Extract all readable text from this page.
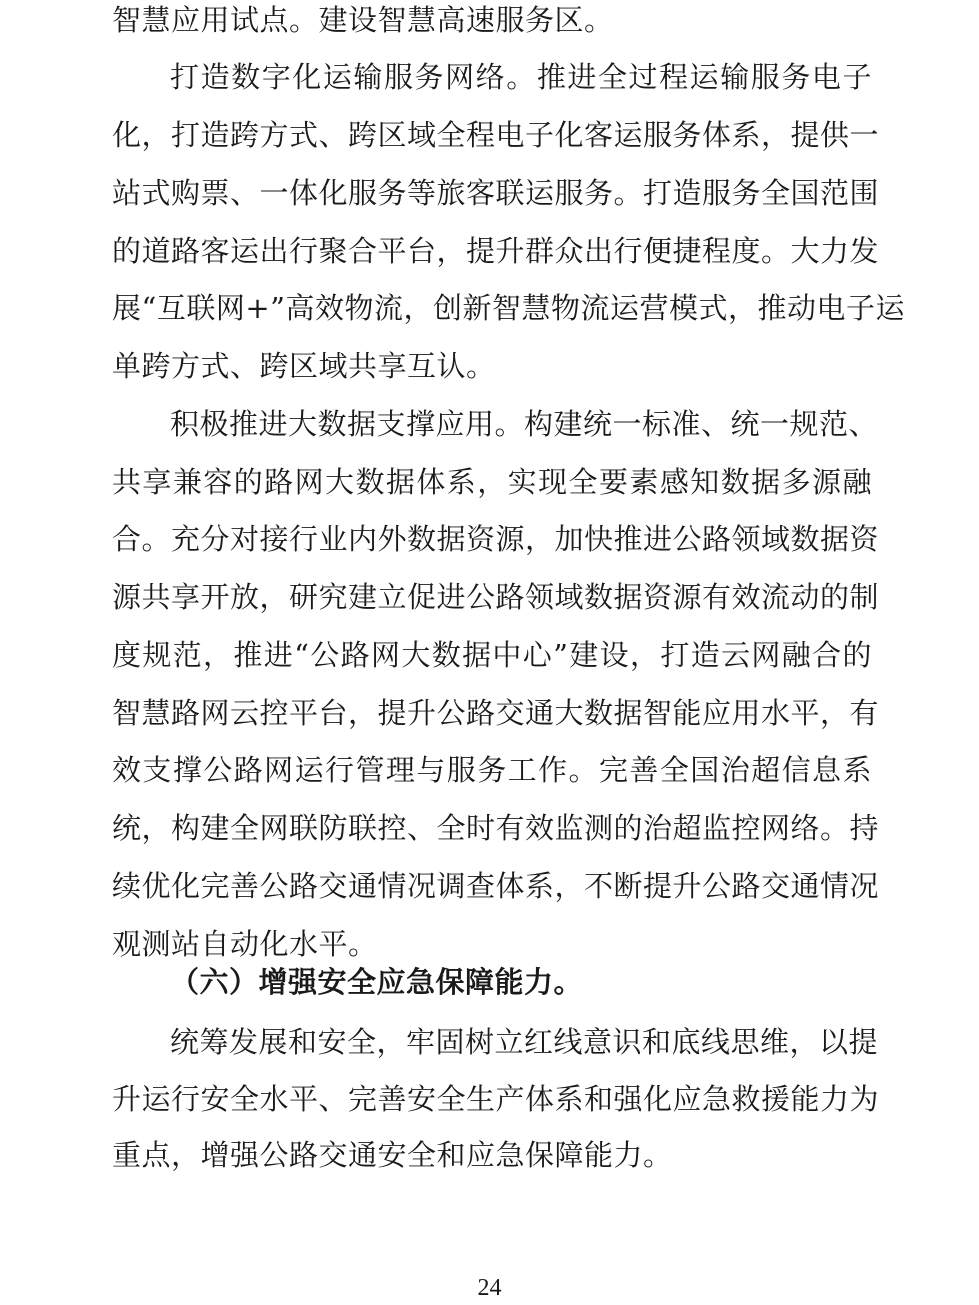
智慧应用试点。建设智慧高速服务区。
打造数字化运输服务网络。推进全过程运输服务电子
化，打造跨方式、跨区域全程电子化客运服务体系，提供一
站式购票、一体化服务等旅客联运服务。打造服务全国范围
的道路客运出行聚合平台，提升群众出行便捷程度。大力发
展“互联网+”高效物流，创新智慧物流运营模式，推动电子运
单跨方式、跨区域共享互认。
积极推进大数据支撑应用。构建统一标准、统一规范、
共享兼容的路网大数据体系，实现全要素感知数据多源融
合。充分对接行业内外数据资源，加快推进公路领域数据资
源共享开放，研究建立促进公路领域数据资源有效流动的制
度规范，推进“公路网大数据中心”建设，打造云网融合的
智慧路网云控平台，提升公路交通大数据智能应用水平，有
效支撑公路网运行管理与服务工作。完善全国治超信息系
统，构建全网联防联控、全时有效监测的治超监控网络。持
续优化完善公路交通情况调查体系，不断提升公路交通情况
观测站自动化水平。
（六）增强安全应急保障能力。
统筹发展和安全，牢固树立红线意识和底线思维，以提
升运行安全水平、完善安全生产体系和强化应急救援能力为
重点，增强公路交通安全和应急保障能力。
24
